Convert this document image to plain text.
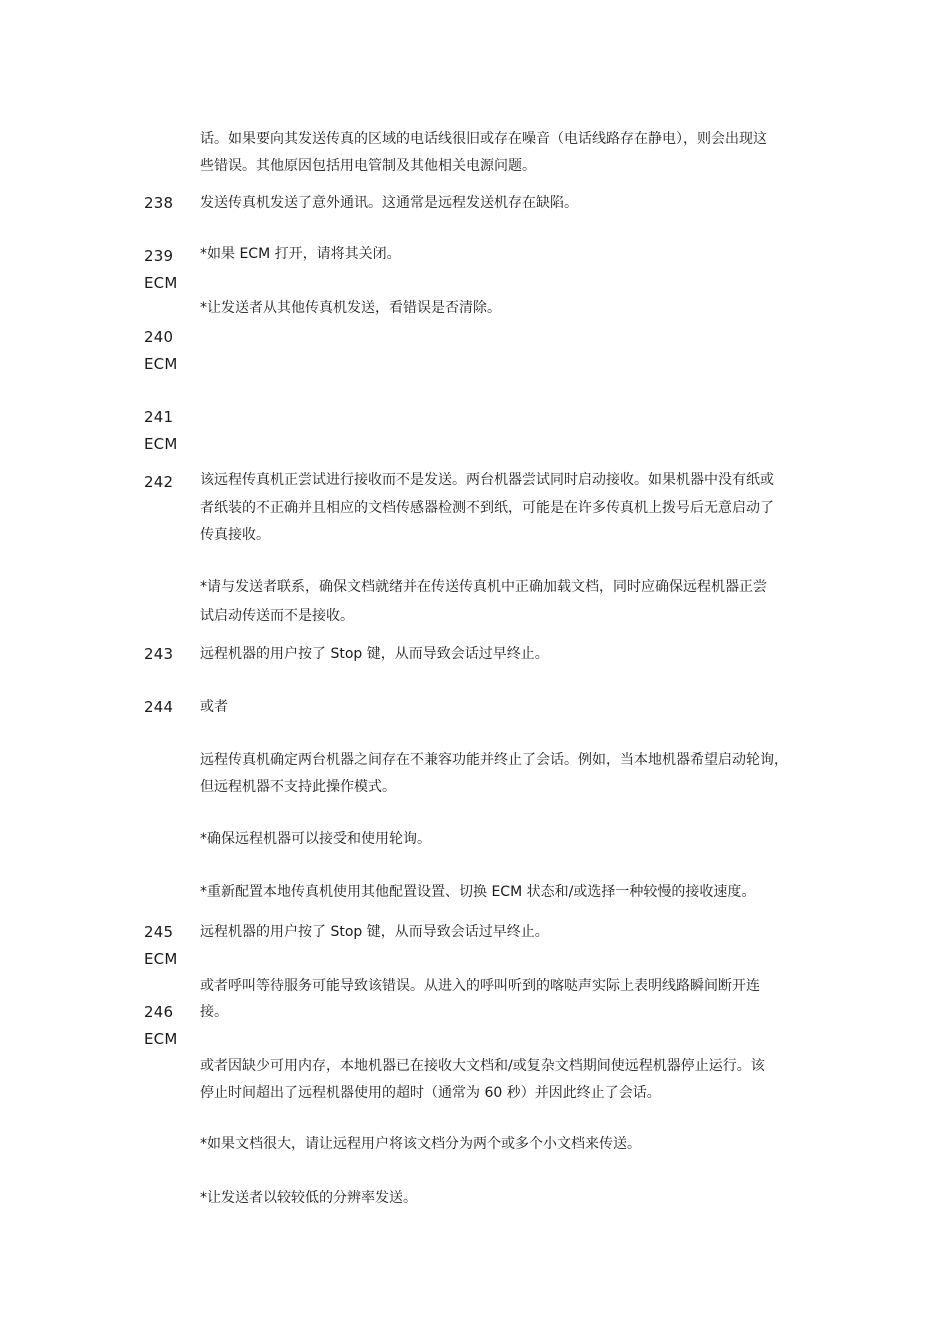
话。如果要向其发送传真的区域的电话线很旧或存在噪音（电话线路存在静电），则会出现这
些错误。其他原因包括用电管制及其他相关电源问题。
238 发送传真机发送了意外通讯。这通常是远程发送机存在缺陷。
239 *如果 ECM 打开，请将其关闭。
ECM
*让发送者从其他传真机发送，看错误是否清除。
240
ECM
241
ECM
242 该远程传真机正尝试进行接收而不是发送。两台机器尝试同时启动接收。如果机器中没有纸或
者纸装的不正确并且相应的文档传感器检测不到纸，可能是在许多传真机上拨号后无意启动了
传真接收。
*请与发送者联系，确保文档就绪并在传送传真机中正确加载文档，同时应确保远程机器正尝
试启动传送而不是接收。
243 远程机器的用户按了 Stop 键，从而导致会话过早终止。
244 或者
远程传真机确定两台机器之间存在不兼容功能并终止了会话。例如，当本地机器希望启动轮询，
但远程机器不支持此操作模式。
*确保远程机器可以接受和使用轮询。
*重新配置本地传真机使用其他配置设置、切换 ECM 状态和/或选择一种较慢的接收速度。
245 远程机器的用户按了 Stop 键，从而导致会话过早终止。
ECM
或者呼叫等待服务可能导致该错误。从进入的呼叫听到的喀哒声实际上表明线路瞬间断开连
接。
246
ECM
或者因缺少可用内存，本地机器已在接收大文档和/或复杂文档期间使远程机器停止运行。该
停止时间超出了远程机器使用的超时（通常为 60 秒）并因此终止了会话。
*如果文档很大，请让远程用户将该文档分为两个或多个小文档来传送。
*让发送者以较较低的分辨率发送。
